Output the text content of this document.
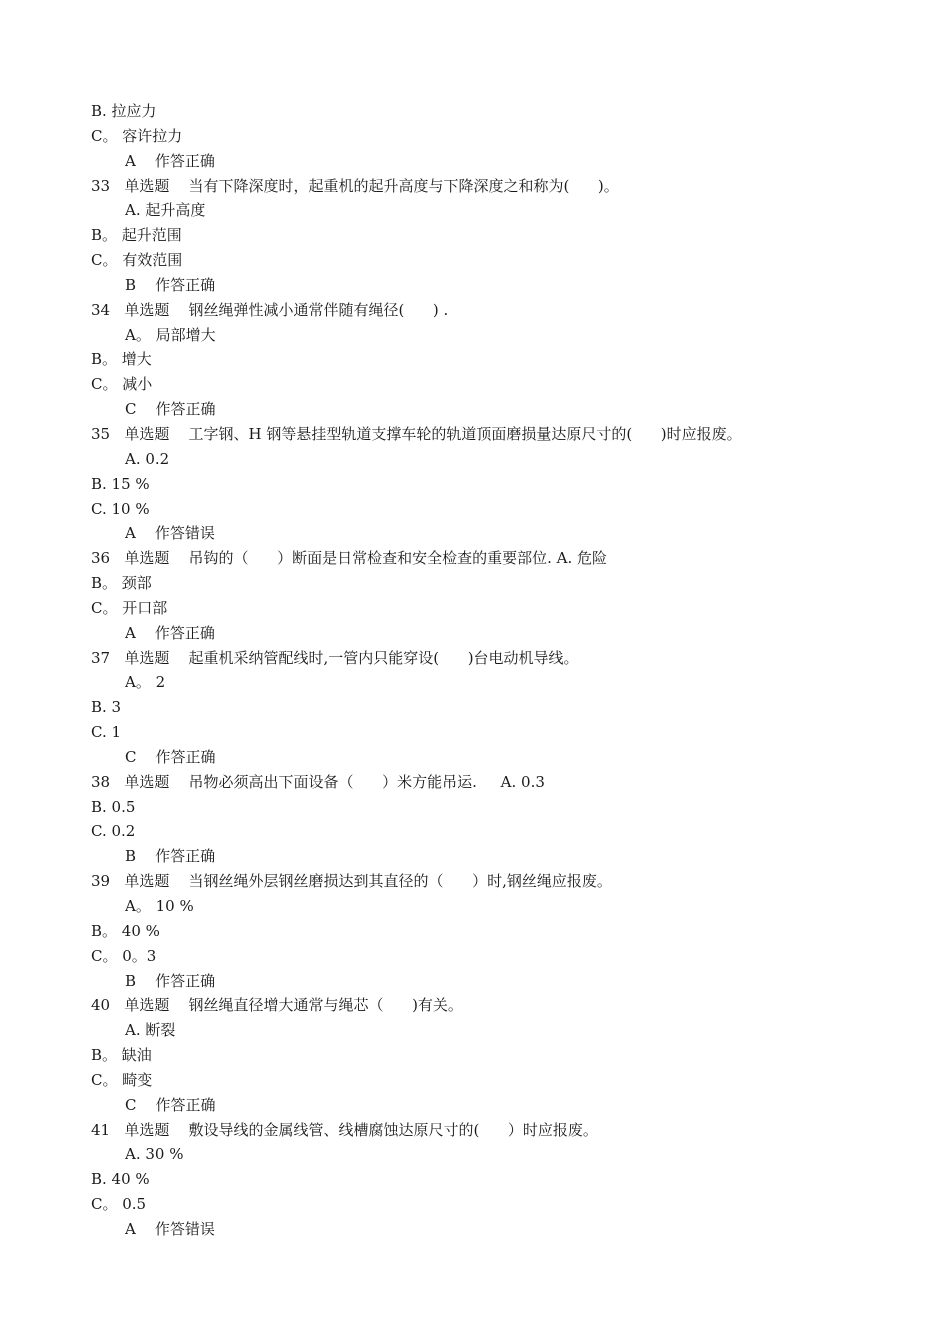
B. 拉应力
C。 容许拉力
A    作答正确
33   单选题    当有下降深度时，起重机的起升高度与下降深度之和称为(      )。
A. 起升高度
B。 起升范围
C。 有效范围
B    作答正确
34   单选题    钢丝绳弹性减小通常伴随有绳径(      ) .
A。 局部增大
B。 增大
C。 减小
C    作答正确
35   单选题    工字钢、H 钢等悬挂型轨道支撑车轮的轨道顶面磨损量达原尺寸的(      )时应报废。
A. 0.2
B. 15 %
C. 10 %
A    作答错误
36   单选题    吊钩的（      ）断面是日常检查和安全检查的重要部位. A. 危险
B。 颈部
C。 开口部
A    作答正确
37   单选题    起重机采纳管配线时,一管内只能穿设(      )台电动机导线。
A。 2
B. 3
C. 1
C    作答正确
38   单选题    吊物必须高出下面设备（      ）米方能吊运.     A. 0.3
B. 0.5
C. 0.2
B    作答正确
39   单选题    当钢丝绳外层钢丝磨损达到其直径的（      ）时,钢丝绳应报废。
A。 10 %
B。 40 %
C。 0。3
B    作答正确
40   单选题    钢丝绳直径增大通常与绳芯（      )有关。
A. 断裂
B。 缺油
C。 畸变
C    作答正确
41   单选题    敷设导线的金属线管、线槽腐蚀达原尺寸的(      ）时应报废。
A. 30 %
B. 40 %
C。 0.5
A    作答错误
